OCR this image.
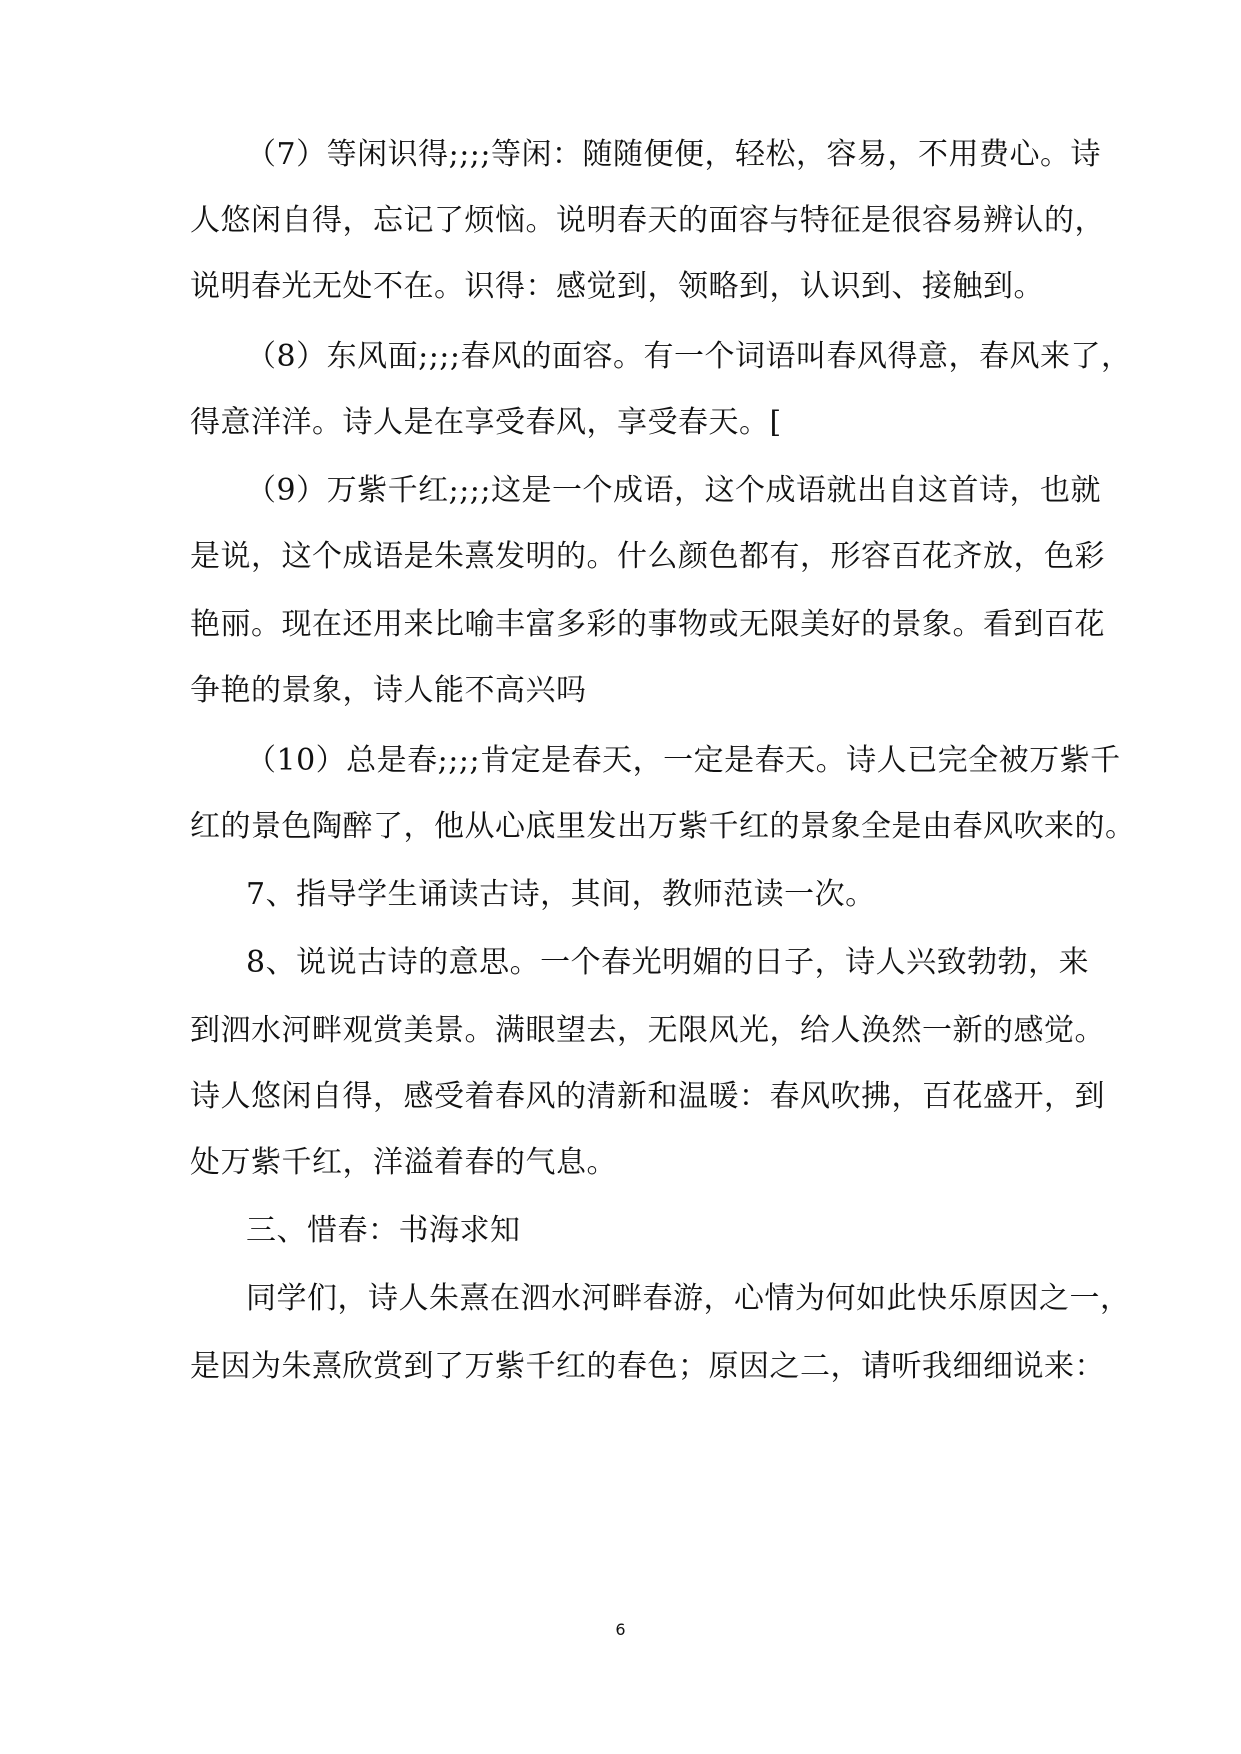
（7）等闲识得;;;;等闲：随随便便，轻松，容易，不用费心。诗
人悠闲自得，忘记了烦恼。说明春天的面容与特征是很容易辨认的，
说明春光无处不在。识得：感觉到，领略到，认识到、接触到。
（8）东风面;;;;春风的面容。有一个词语叫春风得意，春风来了，
得意洋洋。诗人是在享受春风，享受春天。[
（9）万紫千红;;;;这是一个成语，这个成语就出自这首诗，也就
是说，这个成语是朱熹发明的。什么颜色都有，形容百花齐放，色彩
艳丽。现在还用来比喻丰富多彩的事物或无限美好的景象。看到百花
争艳的景象，诗人能不高兴吗
（10）总是春;;;;肯定是春天，一定是春天。诗人已完全被万紫千
红的景色陶醉了，他从心底里发出万紫千红的景象全是由春风吹来的。
7、指导学生诵读古诗，其间，教师范读一次。
8、说说古诗的意思。一个春光明媚的日子，诗人兴致勃勃，来
到泗水河畔观赏美景。满眼望去，无限风光，给人涣然一新的感觉。
诗人悠闲自得，感受着春风的清新和温暖：春风吹拂，百花盛开，到
处万紫千红，洋溢着春的气息。
三、惜春：书海求知
同学们，诗人朱熹在泗水河畔春游，心情为何如此快乐原因之一，
是因为朱熹欣赏到了万紫千红的春色；原因之二，请听我细细说来：
6
